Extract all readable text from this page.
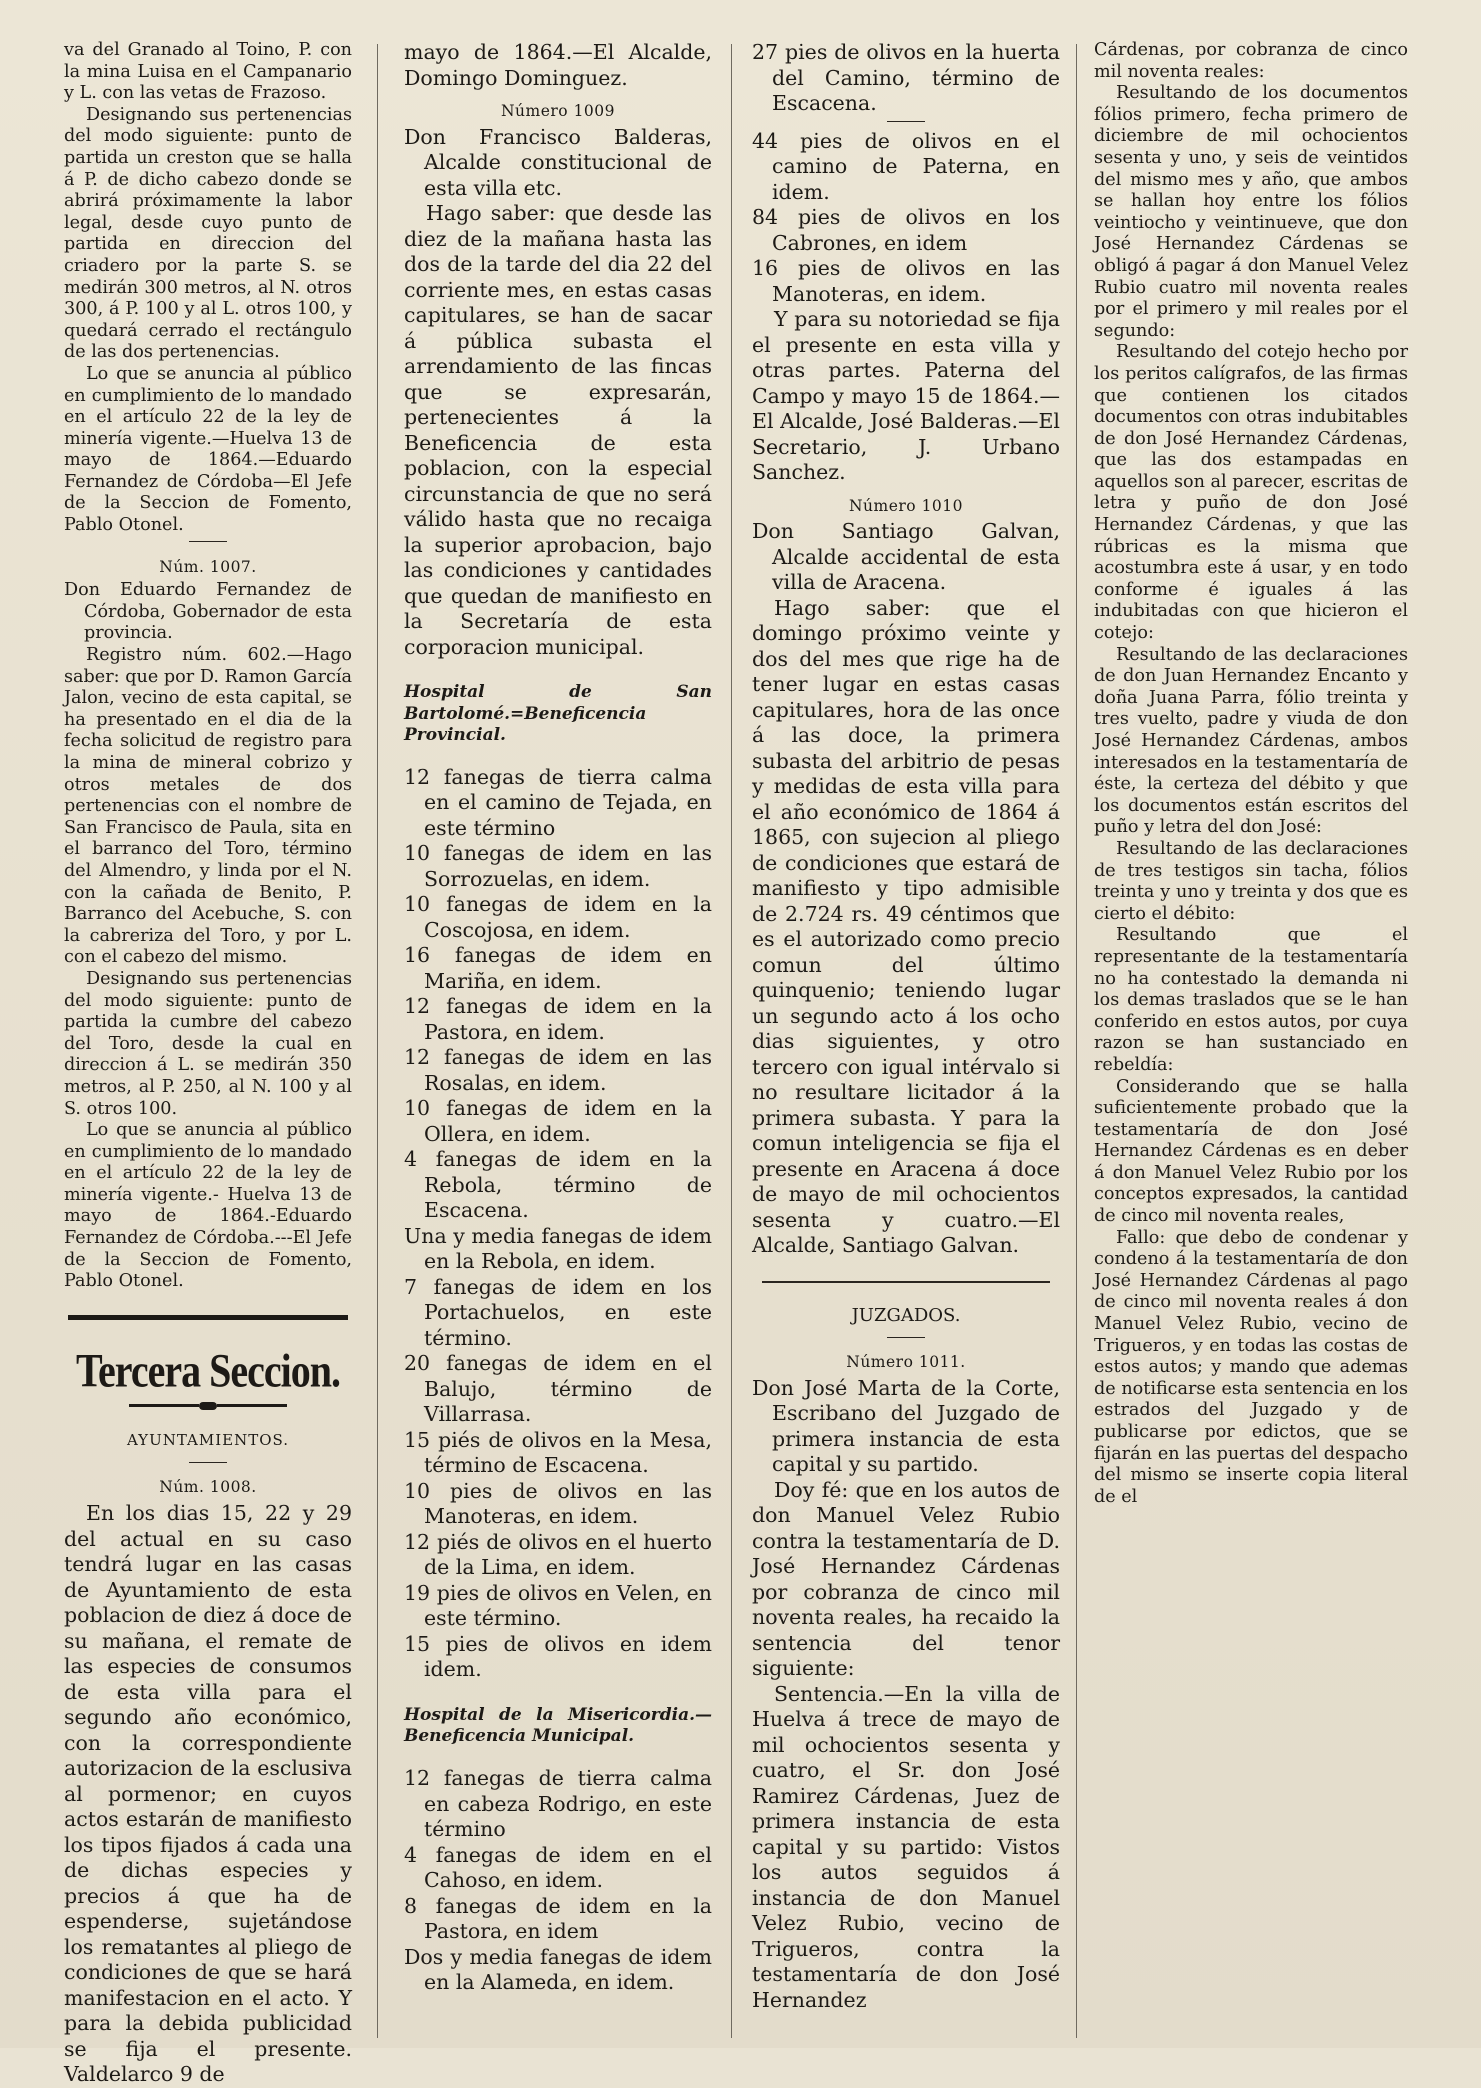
va del Granado al Toino, P. con la mina Luisa en el Campanario y L. con las vetas de Frazoso.

Designando sus pertenencias del modo siguiente: punto de partida un creston que se halla á P. de dicho cabezo donde se abrirá próximamente la labor legal, desde cuyo punto de partida en direccion del criadero por la parte S. se medirán 300 metros, al N. otros 300, á P. 100 y al L. otros 100, y quedará cerrado el rectángulo de las dos pertenencias.

Lo que se anuncia al público en cumplimiento de lo mandado en el artículo 22 de la ley de minería vigente.—Huelva 13 de mayo de 1864.—Eduardo Fernandez de Córdoba—El Jefe de la Seccion de Fomento, Pablo Otonel.

Núm. 1007.

Don Eduardo Fernandez de Córdoba, Gobernador de esta provincia.

Registro núm. 602.—Hago saber: que por D. Ramon García Jalon, vecino de esta capital, se ha presentado en el dia de la fecha solicitud de registro para la mina de mineral cobrizo y otros metales de dos pertenencias con el nombre de San Francisco de Paula, sita en el barranco del Toro, término del Almendro, y linda por el N. con la cañada de Benito, P. Barranco del Acebuche, S. con la cabreriza del Toro, y por L. con el cabezo del mismo.

Designando sus pertenencias del modo siguiente: punto de partida la cumbre del cabezo del Toro, desde la cual en direccion á L. se medirán 350 metros, al P. 250, al N. 100 y al S. otros 100.

Lo que se anuncia al público en cumplimiento de lo mandado en el artículo 22 de la ley de minería vigente.- Huelva 13 de mayo de 1864.-Eduardo Fernandez de Córdoba.---El Jefe de la Seccion de Fomento, Pablo Otonel.

Tercera Seccion.
AYUNTAMIENTOS.
Núm. 1008.

En los dias 15, 22 y 29 del actual en su caso tendrá lugar en las casas de Ayuntamiento de esta poblacion de diez á doce de su mañana, el remate de las especies de consumos de esta villa para el segundo año económico, con la correspondiente autorizacion de la esclusiva al pormenor; en cuyos actos estarán de manifiesto los tipos fijados á cada una de dichas especies y precios á que ha de espenderse, sujetándose los rematantes al pliego de condiciones de que se hará manifestacion en el acto. Y para la debida publicidad se fija el presente. Valdelarco 9 de

mayo de 1864.—El Alcalde, Domingo Dominguez.

Número 1009

Don Francisco Balderas, Alcalde constitucional de esta villa etc.

Hago saber: que desde las diez de la mañana hasta las dos de la tarde del dia 22 del corriente mes, en estas casas capitulares, se han de sacar á pública subasta el arrendamiento de las fincas que se expresarán, pertenecientes á la Beneficencia de esta poblacion, con la especial circunstancia de que no será válido hasta que no recaiga la superior aprobacion, bajo las condiciones y cantidades que quedan de manifiesto en la Secretaría de esta corporacion municipal.

Hospital de San Bartolomé.=Beneficencia Provincial.

12 fanegas de tierra calma en el camino de Tejada, en este término

10 fanegas de idem en las Sorrozuelas, en idem.

10 fanegas de idem en la Coscojosa, en idem.

16 fanegas de idem en Mariña, en idem.

12 fanegas de idem en la Pastora, en idem.

12 fanegas de idem en las Rosalas, en idem.

10 fanegas de idem en la Ollera, en idem.

4 fanegas de idem en la Rebola, término de Escacena.

Una y media fanegas de idem en la Rebola, en idem.

7 fanegas de idem en los Portachuelos, en este término.

20 fanegas de idem en el Balujo, término de Villarrasa.

15 piés de olivos en la Mesa, término de Escacena.

10 pies de olivos en las Manoteras, en idem.

12 piés de olivos en el huerto de la Lima, en idem.

19 pies de olivos en Velen, en este término.

15 pies de olivos en idem idem.

Hospital de la Misericordia.—Beneficencia Municipal.

12 fanegas de tierra calma en cabeza Rodrigo, en este término

4 fanegas de idem en el Cahoso, en idem.

8 fanegas de idem en la Pastora, en idem

Dos y media fanegas de idem en la Alameda, en idem.

27 pies de olivos en la huerta del Camino, término de Escacena.

44 pies de olivos en el camino de Paterna, en idem.

84 pies de olivos en los Cabrones, en idem

16 pies de olivos en las Manoteras, en idem.

Y para su notoriedad se fija el presente en esta villa y otras partes. Paterna del Campo y mayo 15 de 1864.—El Alcalde, José Balderas.—El Secretario, J. Urbano Sanchez.

Número 1010

Don Santiago Galvan, Alcalde accidental de esta villa de Aracena.

Hago saber: que el domingo próximo veinte y dos del mes que rige ha de tener lugar en estas casas capitulares, hora de las once á las doce, la primera subasta del arbitrio de pesas y medidas de esta villa para el año económico de 1864 á 1865, con sujecion al pliego de condiciones que estará de manifiesto y tipo admisible de 2.724 rs. 49 céntimos que es el autorizado como precio comun del último quinquenio; teniendo lugar un segundo acto á los ocho dias siguientes, y otro tercero con igual intérvalo si no resultare licitador á la primera subasta. Y para la comun inteligencia se fija el presente en Aracena á doce de mayo de mil ochocientos sesenta y cuatro.—El Alcalde, Santiago Galvan.

JUZGADOS.
Número 1011.

Don José Marta de la Corte, Escribano del Juzgado de primera instancia de esta capital y su partido.

Doy fé: que en los autos de don Manuel Velez Rubio contra la testamentaría de D. José Hernandez Cárdenas por cobranza de cinco mil noventa reales, ha recaido la sentencia del tenor siguiente:

Sentencia.—En la villa de Huelva á trece de mayo de mil ochocientos sesenta y cuatro, el Sr. don José Ramirez Cárdenas, Juez de primera instancia de esta capital y su partido: Vistos los autos seguidos á instancia de don Manuel Velez Rubio, vecino de Trigueros, contra la testamentaría de don José Hernandez

Cárdenas, por cobranza de cinco mil noventa reales:

Resultando de los documentos fólios primero, fecha primero de diciembre de mil ochocientos sesenta y uno, y seis de veintidos del mismo mes y año, que ambos se hallan hoy entre los fólios veintiocho y veintinueve, que don José Hernandez Cárdenas se obligó á pagar á don Manuel Velez Rubio cuatro mil noventa reales por el primero y mil reales por el segundo:

Resultando del cotejo hecho por los peritos calígrafos, de las firmas que contienen los citados documentos con otras indubitables de don José Hernandez Cárdenas, que las dos estampadas en aquellos son al parecer, escritas de letra y puño de don José Hernandez Cárdenas, y que las rúbricas es la misma que acostumbra este á usar, y en todo conforme é iguales á las indubitadas con que hicieron el cotejo:

Resultando de las declaraciones de don Juan Hernandez Encanto y doña Juana Parra, fólio treinta y tres vuelto, padre y viuda de don José Hernandez Cárdenas, ambos interesados en la testamentaría de éste, la certeza del débito y que los documentos están escritos del puño y letra del don José:

Resultando de las declaraciones de tres testigos sin tacha, fólios treinta y uno y treinta y dos que es cierto el débito:

Resultando que el representante de la testamentaría no ha contestado la demanda ni los demas traslados que se le han conferido en estos autos, por cuya razon se han sustanciado en rebeldía:

Considerando que se halla suficientemente probado que la testamentaría de don José Hernandez Cárdenas es en deber á don Manuel Velez Rubio por los conceptos expresados, la cantidad de cinco mil noventa reales,

Fallo: que debo de condenar y condeno á la testamentaría de don José Hernandez Cárdenas al pago de cinco mil noventa reales á don Manuel Velez Rubio, vecino de Trigueros, y en todas las costas de estos autos; y mando que ademas de notificarse esta sentencia en los estrados del Juzgado y de publicarse por edictos, que se fijarán en las puertas del despacho del mismo se inserte copia literal de el
